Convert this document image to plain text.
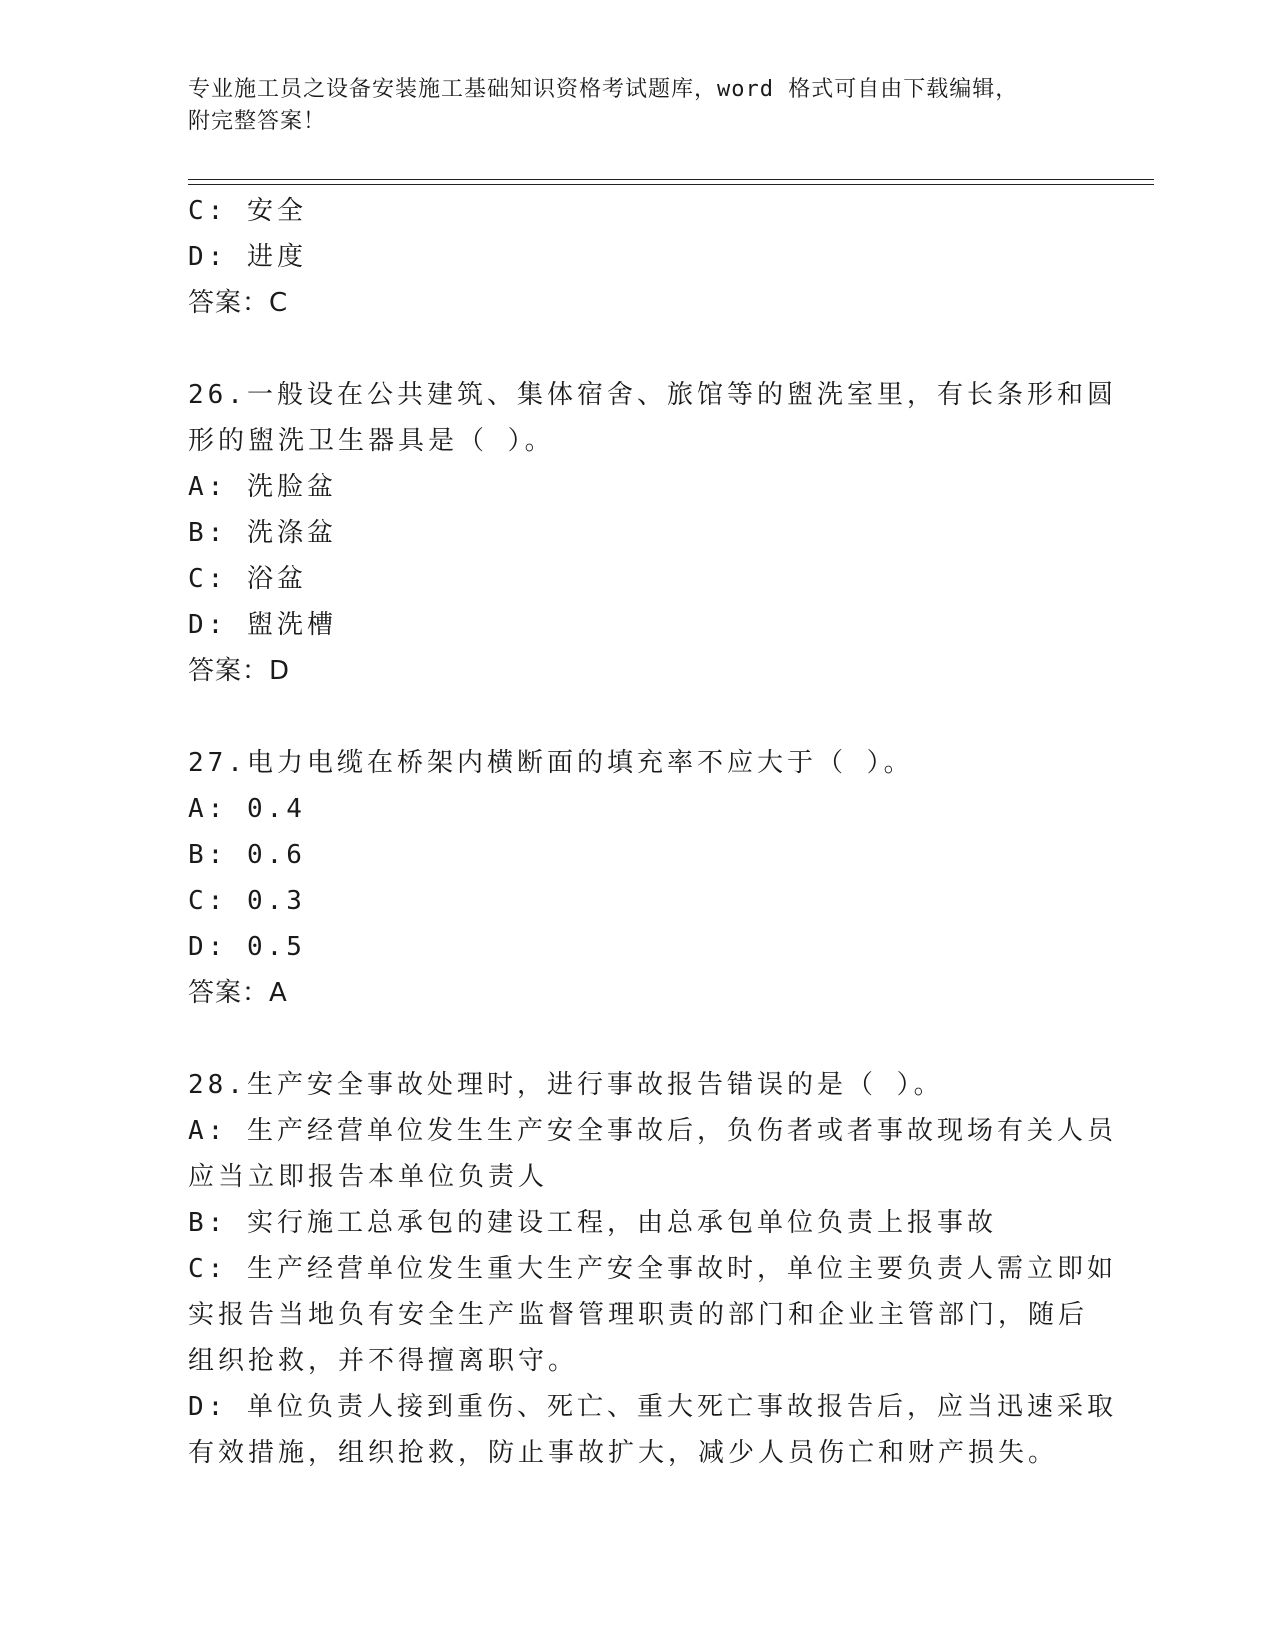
专业施工员之设备安装施工基础知识资格考试题库，word 格式可自由下载编辑，
附完整答案！
C: 安全
D: 进度
答案：C
26.一般设在公共建筑、集体宿舍、旅馆等的盥洗室里，有长条形和圆
形的盥洗卫生器具是（ ）。
A: 洗脸盆
B: 洗涤盆
C: 浴盆
D: 盥洗槽
答案：D
27.电力电缆在桥架内横断面的填充率不应大于（ ）。
A: 0.4
B: 0.6
C: 0.3
D: 0.5
答案：A
28.生产安全事故处理时，进行事故报告错误的是（ ）。
A: 生产经营单位发生生产安全事故后，负伤者或者事故现场有关人员
应当立即报告本单位负责人
B: 实行施工总承包的建设工程，由总承包单位负责上报事故
C: 生产经营单位发生重大生产安全事故时，单位主要负责人需立即如
实报告当地负有安全生产监督管理职责的部门和企业主管部门，随后
组织抢救，并不得擅离职守。
D: 单位负责人接到重伤、死亡、重大死亡事故报告后，应当迅速采取
有效措施，组织抢救，防止事故扩大，减少人员伤亡和财产损失。
